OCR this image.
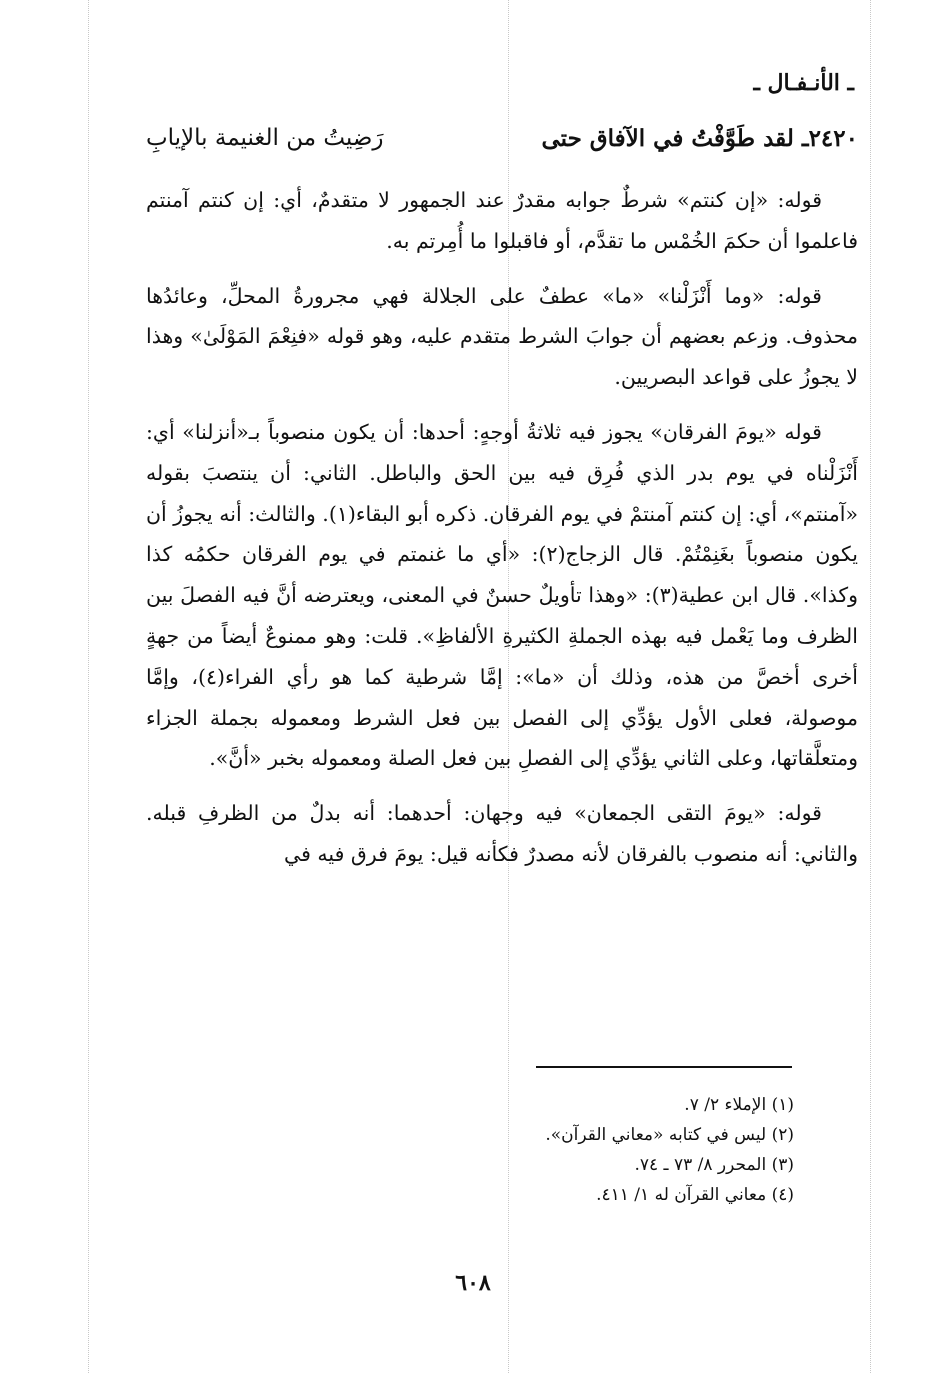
ـ الأنـفـال ـ
٢٤٢٠ـ لقد طَوَّفْتُ في الآفاق حتى
رَضِيتُ من الغنيمة بالإيابِ

قوله: «إن كنتم» شرطٌ جوابه مقدرٌ عند الجمهور لا متقدمٌ، أي: إن كنتم آمنتم فاعلموا أن حكمَ الخُمْس ما تقدَّم، أو فاقبلوا ما أُمِرتم به.

قوله: «وما أَنْزَلْنا» «ما» عطفٌ على الجلالة فهي مجرورةُ المحلِّ، وعائدُها محذوف. وزعم بعضهم أن جوابَ الشرط متقدم عليه، وهو قوله «فنِعْمَ المَوْلَىٰ» وهذا لا يجوزُ على قواعد البصريين.

قوله «يومَ الفرقان» يجوز فيه ثلاثةُ أوجهٍ: أحدها: أن يكون منصوباً بـ«أنزلنا» أي: أَنْزَلْناه في يوم بدر الذي فُرِق فيه بين الحق والباطل. الثاني: أن ينتصبَ بقوله «آمنتم»، أي: إن كنتم آمنتمْ في يوم الفرقان. ذكره أبو البقاء(١). والثالث: أنه يجوزُ أن يكون منصوباً بغَنِمْتُمْ. قال الزجاج(٢): «أي ما غنمتم في يوم الفرقان حكمُه كذا وكذا». قال ابن عطية(٣): «وهذا تأويلٌ حسنٌ في المعنى، ويعترضه أنَّ فيه الفصلَ بين الظرف وما يَعْمل فيه بهذه الجملةِ الكثيرةِ الألفاظِ». قلت: وهو ممنوعٌ أيضاً من جهةٍ أخرى أخصَّ من هذه، وذلك أن «ما»: إمَّا شرطية كما هو رأي الفراء(٤)، وإمَّا موصولة، فعلى الأول يؤدِّي إلى الفصل بين فعل الشرط ومعموله بجملة الجزاء ومتعلَّقاتها، وعلى الثاني يؤدِّي إلى الفصلِ بين فعل الصلة ومعموله بخبر «أنَّ».

قوله: «يومَ التقى الجمعان» فيه وجهان: أحدهما: أنه بدلٌ من الظرفِ قبله. والثاني: أنه منصوب بالفرقان لأنه مصدرٌ فكأنه قيل: يومَ فرق فيه في

(١) الإملاء ٢/ ٧.
(٢) ليس في كتابه «معاني القرآن».
(٣) المحرر ٨/ ٧٣ ـ ٧٤.
(٤) معاني القرآن له ١/ ٤١١.
٦٠٨
